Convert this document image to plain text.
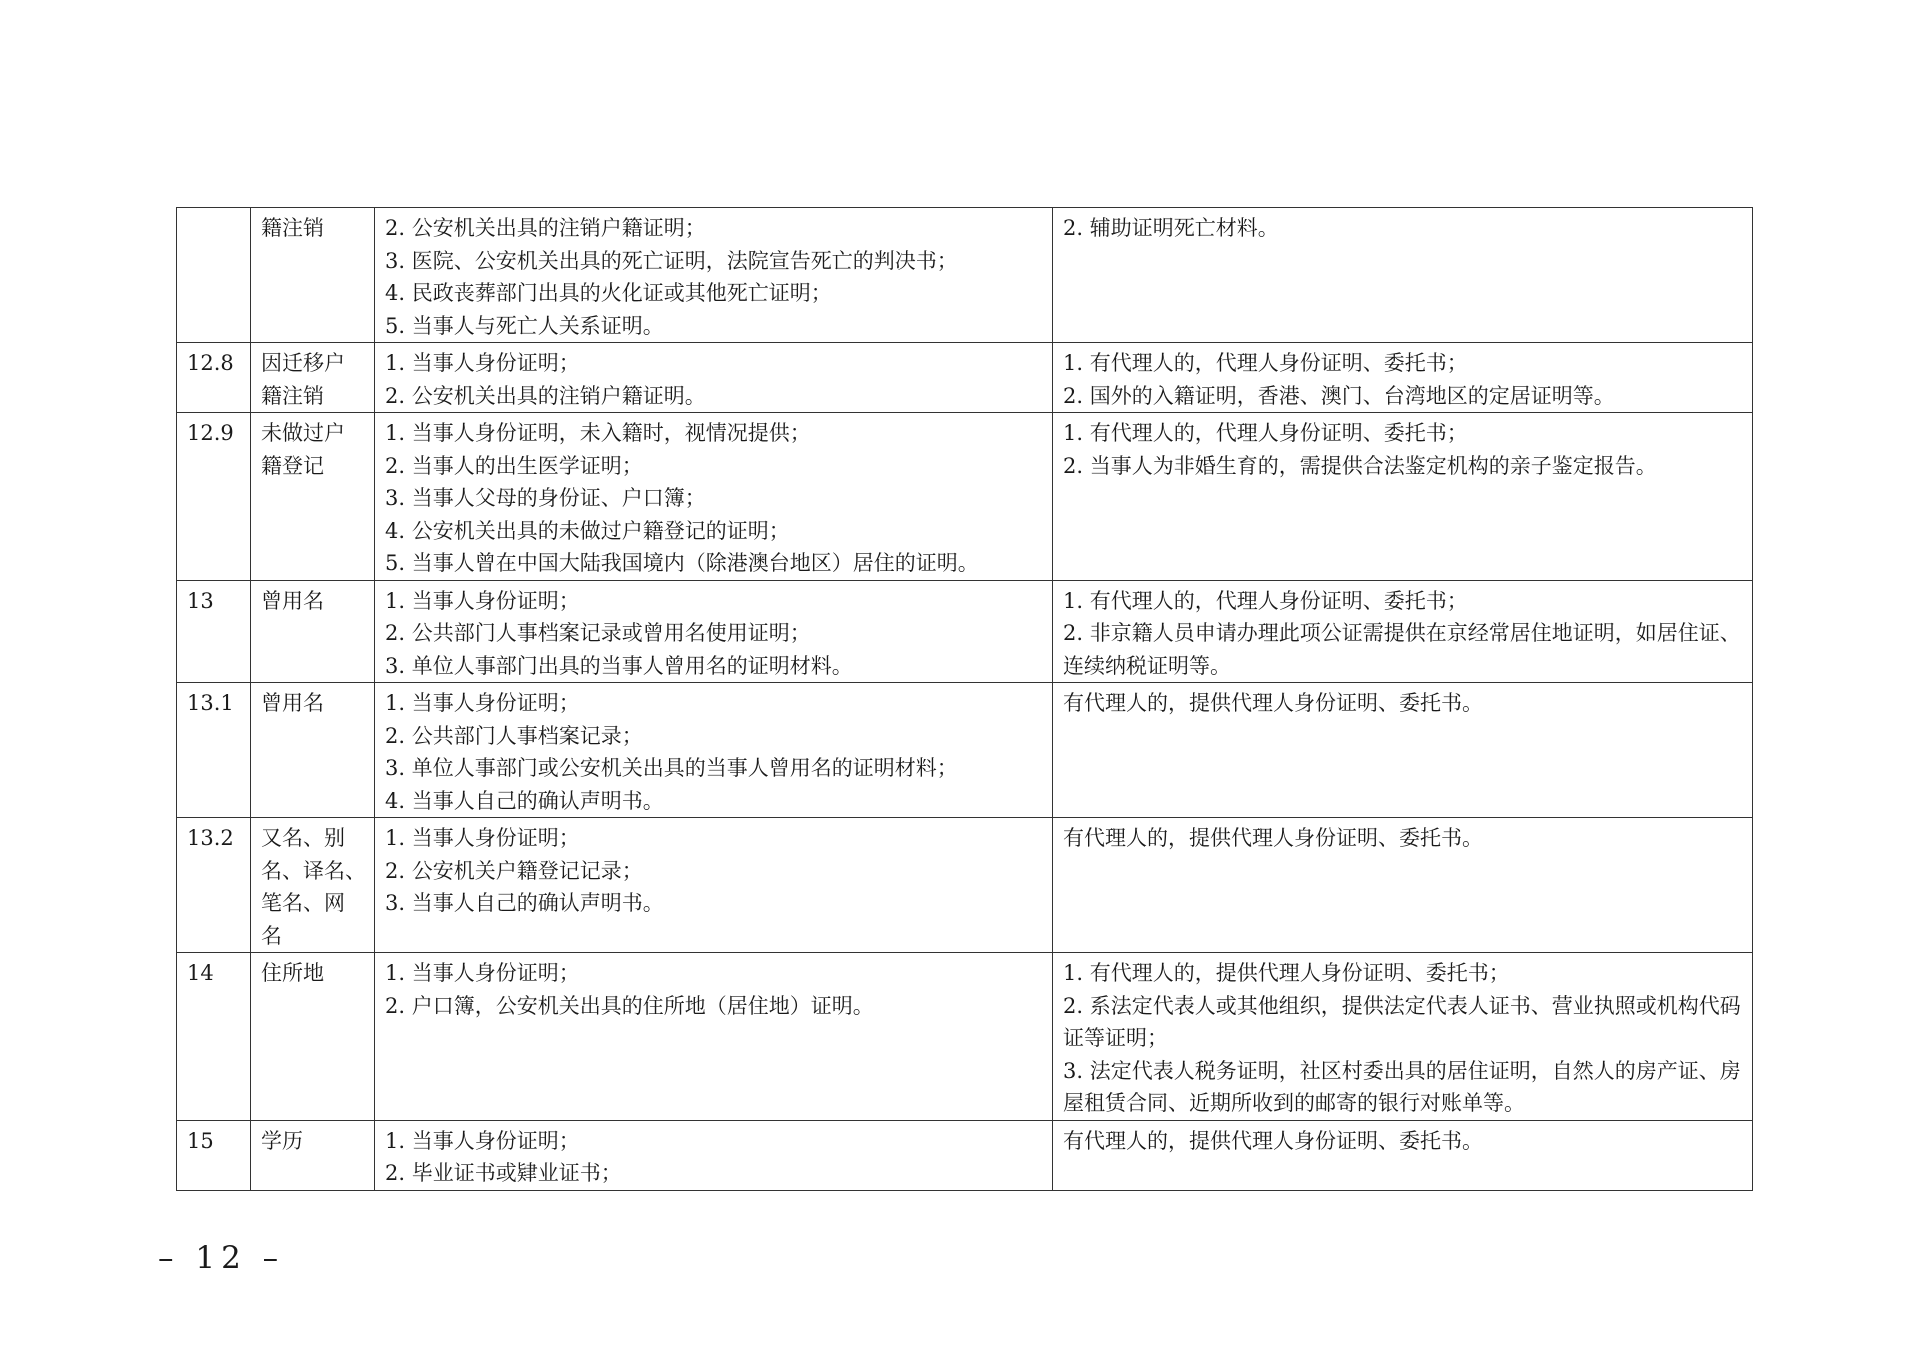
	籍注销	2. 公安机关出具的注销户籍证明；
3. 医院、公安机关出具的死亡证明，法院宣告死亡的判决书；
4. 民政丧葬部门出具的火化证或其他死亡证明；
5. 当事人与死亡人关系证明。	2. 辅助证明死亡材料。

12.8	因迁移户
籍注销	1. 当事人身份证明；
2. 公安机关出具的注销户籍证明。	1. 有代理人的，代理人身份证明、委托书；
2. 国外的入籍证明，香港、澳门、台湾地区的定居证明等。

12.9	未做过户
籍登记	1. 当事人身份证明，未入籍时，视情况提供；
2. 当事人的出生医学证明；
3. 当事人父母的身份证、户口簿；
4. 公安机关出具的未做过户籍登记的证明；
5. 当事人曾在中国大陆我国境内（除港澳台地区）居住的证明。	1. 有代理人的，代理人身份证明、委托书；
2. 当事人为非婚生育的，需提供合法鉴定机构的亲子鉴定报告。

13	曾用名	1. 当事人身份证明；
2. 公共部门人事档案记录或曾用名使用证明；
3. 单位人事部门出具的当事人曾用名的证明材料。	1. 有代理人的，代理人身份证明、委托书；
2. 非京籍人员申请办理此项公证需提供在京经常居住地证明，如居住证、连续纳税证明等。

13.1	曾用名	1. 当事人身份证明；
2. 公共部门人事档案记录；
3. 单位人事部门或公安机关出具的当事人曾用名的证明材料；
4. 当事人自己的确认声明书。	有代理人的，提供代理人身份证明、委托书。

13.2	又名、别
名、译名、
笔名、网
名	1. 当事人身份证明；
2. 公安机关户籍登记记录；
3. 当事人自己的确认声明书。	有代理人的，提供代理人身份证明、委托书。

14	住所地	1. 当事人身份证明；
2. 户口簿，公安机关出具的住所地（居住地）证明。	1. 有代理人的，提供代理人身份证明、委托书；
2. 系法定代表人或其他组织，提供法定代表人证书、营业执照或机构代码证等证明；
3. 法定代表人税务证明，社区村委出具的居住证明，自然人的房产证、房屋租赁合同、近期所收到的邮寄的银行对账单等。

15	学历	1. 当事人身份证明；
2. 毕业证书或肄业证书；	有代理人的，提供代理人身份证明、委托书。
– 12 –
